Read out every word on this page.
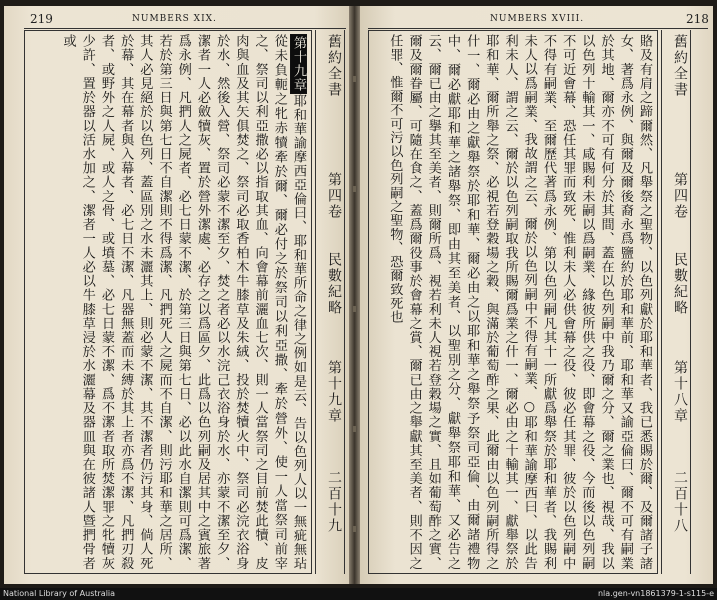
219	NUMBERS XIX.
第十九章耶和華諭摩西亞倫曰、耶和華所命之律之例如是云、告以色列人以一無疵無玷從未負軛之牝赤犢牽於爾、爾必付之於祭司以利亞撒、牽於營外、使一人當祭司前宰之、祭司以利亞撒必以指取其血、向會幕前灑血七次、則一人當祭司之目前焚此犢、皮肉與血及其矢俱焚之、祭司必取香柏木牛膝草及朱絨、投於焚犢火中、祭司必浣衣浴身於水、然後入營、祭司必蒙不潔至夕、焚之者必以水浣己衣浴身於水、亦蒙不潔至夕、潔者一人必斂犢灰、置於營外潔處、必存之以爲區夕、此爲以色列嗣及居其中之賓旅著爲永例、凡捫人之屍者、必七日蒙不潔、於第三日與第七日、必以此水自潔則可爲潔、若於第三日與第七日不自潔則不得爲潔、凡捫死人之屍而不自潔、則污耶和華之居所、其人必見絕於以色列、蓋區別之水未灑其上、則必蒙不潔、其不潔者仍污其身、倘人死於幕、其在幕者與入幕者、必七日不潔、凡器無蓋而未縛於其上者亦爲不潔、凡捫刃殺者、或野外之人屍、或人之骨、或墳墓、必七日蒙不潔、爲不潔者取所焚潔罪之牝犢灰少許、置於器以活水加之、潔者一人必以牛膝草浸於水灑幕及器皿與在彼諸人暨捫骨者或	舊約全書
第四卷
民數紀略
第十九章
二百十九
NUMBERS XVIII.	218
賂及有肩之蹄爾然、凡舉祭之聖物、以色列獻於耶和華者、我已悉賜於爾、及爾諸子諸女、著爲永例、與爾及爾後裔永爲鹽約於耶和華前、耶和華又諭亞倫曰、爾不可有嗣業於其地、爾亦不可有何分於其間、蓋在以色列嗣中我乃爾之分、爾之業也、視哉、我以以色列十輸其一、咸賜利未嗣以爲嗣業、緣彼所供之役、即會幕之役、今而後以色列嗣不可近會幕、恐任其罪而致死、惟利未人必供會幕之役、彼必任其罪、彼於以色列嗣中不得有嗣業、至爾歷代著爲永例、第以色列嗣凡其十一所獻爲舉祭於耶和華者、我賜利未人以爲嗣業、我故謂之云、爾於以色列嗣中不得有嗣業、○耶和華諭摩西曰、以此告利未人、謂之云、爾於以色列嗣取我所賜爾爲業之什一、爾必由之十輸其一、獻舉祭於耶和華、爾所舉之祭、必視若登穀場之穀、與滿於葡萄酢之果、此爾由以色列嗣所得之什一、爾必由之獻舉祭於耶和華、爾必由之以耶和華之舉祭予祭司亞倫、由爾諸禮物中、爾必獻耶和華之諸舉祭、即由其至美者、以聖別之分、獻舉祭耶和華、又必告之云、爾已由之擧其至美者、則爾所爲、視若利未人視若登穀場之實、且如葡萄酢之實、爾及爾眷屬、可隨在食之、蓋爲爾役事於會幕之賞、爾已由之舉獻其至美者、則不因之任罪、惟爾不可污以色列嗣之聖物、恐爾致死也	舊約全書
第四卷
民數紀略
第十八章
二百十八
National Library of Australia	nla.gen-vn1861379-1-s115-e
